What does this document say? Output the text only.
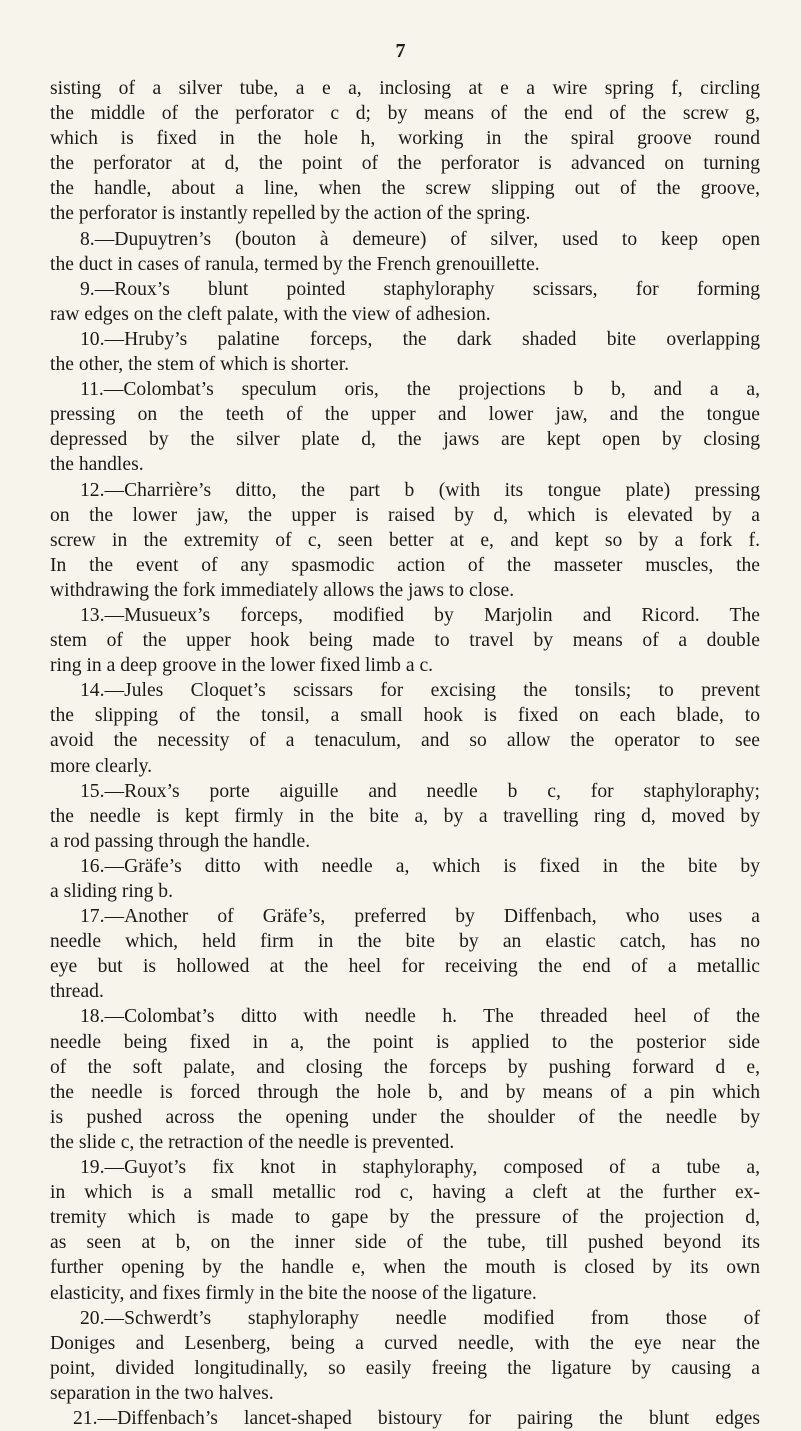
7
sisting of a silver tube, a e a, inclosing at e a wire spring f, circling
the middle of the perforator c d; by means of the end of the screw g,
which is fixed in the hole h, working in the spiral groove round
the perforator at d, the point of the perforator is advanced on turning
the handle, about a line, when the screw slipping out of the groove,
the perforator is instantly repelled by the action of the spring.
8.—Dupuytren’s (bouton à demeure) of silver, used to keep open
the duct in cases of ranula, termed by the French grenouillette.
9.—Roux’s blunt pointed staphyloraphy scissars, for forming
raw edges on the cleft palate, with the view of adhesion.
10.—Hruby’s palatine forceps, the dark shaded bite overlapping
the other, the stem of which is shorter.
11.—Colombat’s speculum oris, the projections b b, and a a,
pressing on the teeth of the upper and lower jaw, and the tongue
depressed by the silver plate d, the jaws are kept open by closing
the handles.
12.—Charrière’s ditto, the part b (with its tongue plate) pressing
on the lower jaw, the upper is raised by d, which is elevated by a
screw in the extremity of c, seen better at e, and kept so by a fork f.
In the event of any spasmodic action of the masseter muscles, the
withdrawing the fork immediately allows the jaws to close.
13.—Musueux’s forceps, modified by Marjolin and Ricord. The
stem of the upper hook being made to travel by means of a double
ring in a deep groove in the lower fixed limb a c.
14.—Jules Cloquet’s scissars for excising the tonsils; to prevent
the slipping of the tonsil, a small hook is fixed on each blade, to
avoid the necessity of a tenaculum, and so allow the operator to see
more clearly.
15.—Roux’s porte aiguille and needle b c, for staphyloraphy;
the needle is kept firmly in the bite a, by a travelling ring d, moved by
a rod passing through the handle.
16.—Gräfe’s ditto with needle a, which is fixed in the bite by
a sliding ring b.
17.—Another of Gräfe’s, preferred by Diffenbach, who uses a
needle which, held firm in the bite by an elastic catch, has no
eye but is hollowed at the heel for receiving the end of a metallic
thread.
18.—Colombat’s ditto with needle h. The threaded heel of the
needle being fixed in a, the point is applied to the posterior side
of the soft palate, and closing the forceps by pushing forward d e,
the needle is forced through the hole b, and by means of a pin which
is pushed across the opening under the shoulder of the needle by
the slide c, the retraction of the needle is prevented.
19.—Guyot’s fix knot in staphyloraphy, composed of a tube a,
in which is a small metallic rod c, having a cleft at the further ex-
tremity which is made to gape by the pressure of the projection d,
as seen at b, on the inner side of the tube, till pushed beyond its
further opening by the handle e, when the mouth is closed by its own
elasticity, and fixes firmly in the bite the noose of the ligature.
20.—Schwerdt’s staphyloraphy needle modified from those of
Doniges and Lesenberg, being a curved needle, with the eye near the
point, divided longitudinally, so easily freeing the ligature by causing a
separation in the two halves.
21.—Diffenbach’s lancet-shaped bistoury for pairing the blunt edges
